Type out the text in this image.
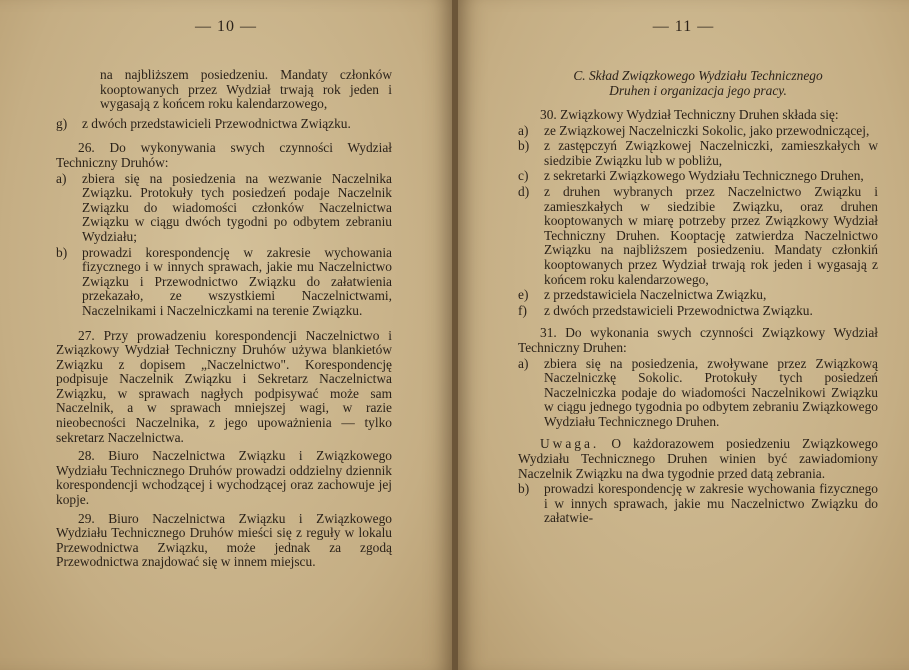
— 10 —

na najbliższem posiedzeniu. Mandaty członków kooptowanych przez Wydział trwają rok jeden i wygasają z końcem roku kalendarzowego,

g)	z dwóch przedstawicieli Przewodnictwa Związku.

26. Do wykonywania swych czynności Wydział Techniczny Druhów:

a)	zbiera się na posiedzenia na wezwanie Naczelnika Związku. Protokuły tych posiedzeń podaje Naczelnik Związku do wiadomości członków Naczelnictwa Związku w ciągu dwóch tygodni po odbytem zebraniu Wydziału;
b)	prowadzi korespondencję w zakresie wychowania fizycznego i w innych sprawach, jakie mu Naczelnictwo Związku i Przewodnictwo Związku do załatwienia przekazało, ze wszystkiemi Naczelnictwami, Naczelnikami i Naczelniczkami na terenie Związku.

27. Przy prowadzeniu korespondencji Naczelnictwo i Związkowy Wydział Techniczny Druhów używa blankietów Związku z dopisem „Naczelnictwo". Korespondencję podpisuje Naczelnik Związku i Sekretarz Naczelnictwa Związku, w sprawach nagłych podpisywać może sam Naczelnik, a w sprawach mniejszej wagi, w razie nieobecności Naczelnika, z jego upoważnienia — tylko sekretarz Naczelnictwa.

28. Biuro Naczelnictwa Związku i Związkowego Wydziału Technicznego Druhów prowadzi oddzielny dziennik korespondencji wchodzącej i wychodzącej oraz zachowuje jej kopje.

29. Biuro Naczelnictwa Związku i Związkowego Wydziału Technicznego Druhów mieści się z reguły w lokalu Przewodnictwa Związku, może jednak za zgodą Przewodnictwa znajdować się w innem miejscu.

— 11 —
C. Skład Związkowego Wydziału Technicznego
Druhen i organizacja jego pracy.

30. Związkowy Wydział Techniczny Druhen składa się:

a)	ze Związkowej Naczelniczki Sokolic, jako przewodniczącej,
b)	z zastępczyń Związkowej Naczelniczki, zamieszkałych w siedzibie Związku lub w pobliżu,
c)	z sekretarki Związkowego Wydziału Technicznego Druhen,
d)	z druhen wybranych przez Naczelnictwo Związku i zamieszkałych w siedzibie Związku, oraz druhen kooptowanych w miarę potrzeby przez Związkowy Wydział Techniczny Druhen. Kooptację zatwierdza Naczelnictwo Związku na najbliższem posiedzeniu. Mandaty członkiń kooptowanych przez Wydział trwają rok jeden i wygasają z końcem roku kalendarzowego,
e)	z przedstawiciela Naczelnictwa Związku,
f)	z dwóch przedstawicieli Przewodnictwa Związku.

31. Do wykonania swych czynności Związkowy Wydział Techniczny Druhen:

a)	zbiera się na posiedzenia, zwoływane przez Związkową Naczelniczkę Sokolic. Protokuły tych posiedzeń Naczelniczka podaje do wiadomości Naczelnikowi Związku w ciągu jednego tygodnia po odbytem zebraniu Związkowego Wydziału Technicznego Druhen.

Uwaga. O każdorazowem posiedzeniu Związkowego Wydziału Technicznego Druhen winien być zawiadomiony Naczelnik Związku na dwa tygodnie przed datą zebrania.

b)	prowadzi korespondencję w zakresie wychowania fizycznego i w innych sprawach, jakie mu Naczelnictwo Związku do załatwie-
